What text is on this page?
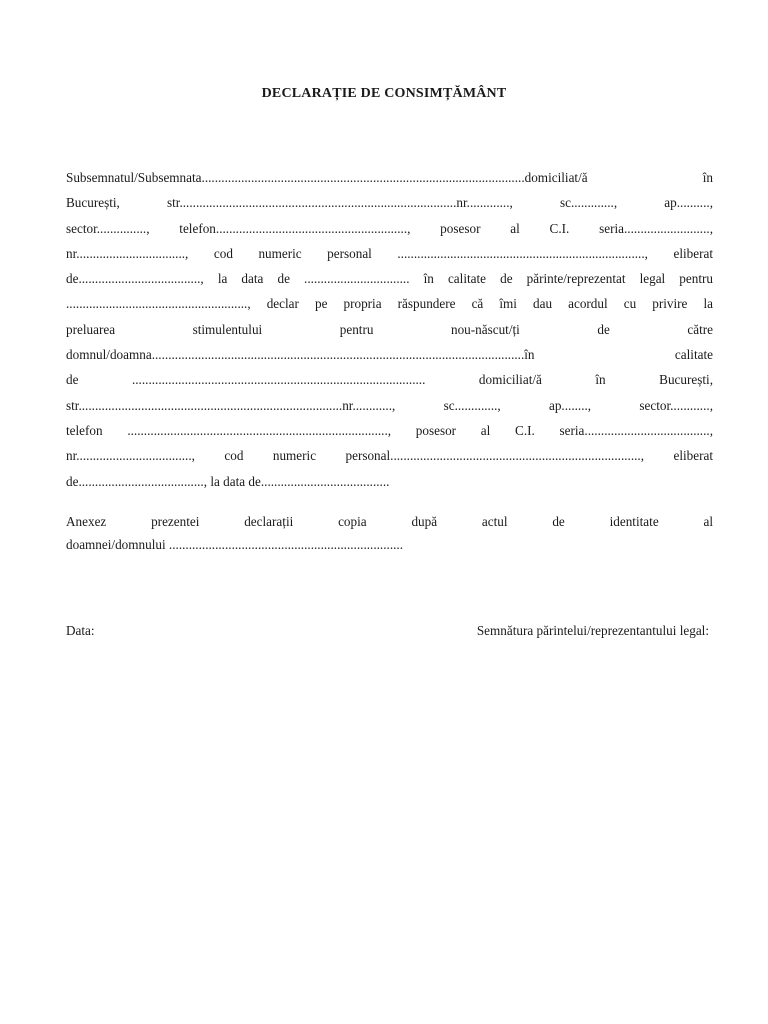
DECLARAȚIE DE CONSIMȚĂMÂNT
Subsemnatul/Subsemnata..................................................................................................domiciliat/ă în
București, str....................................................................................nr............., sc............., ap..........,
sector..............., telefon.........................................................., posesor al C.I. seria..........................,
nr................................., cod numeric personal ..........................................................................., eliberat
de....................................., la data de ................................ în calitate de părinte/reprezentat legal pentru
......................................................., declar pe propria răspundere că îmi dau acordul cu privire la
preluarea stimulentului pentru nou-născut/ți de către
domnul/doamna.................................................................................................................în calitate
de ......................................................................................... domiciliat/ă în București,
str................................................................................nr............, sc............., ap........, sector............,
telefon ..............................................................................., posesor al C.I. seria......................................,
nr..................................., cod numeric personal............................................................................, eliberat
de......................................, la data de.......................................
Anexez prezentei declarații copia după actul de identitate al
doamnei/domnului .......................................................................
Data:	Semnătura părintelui/reprezentantului legal:
